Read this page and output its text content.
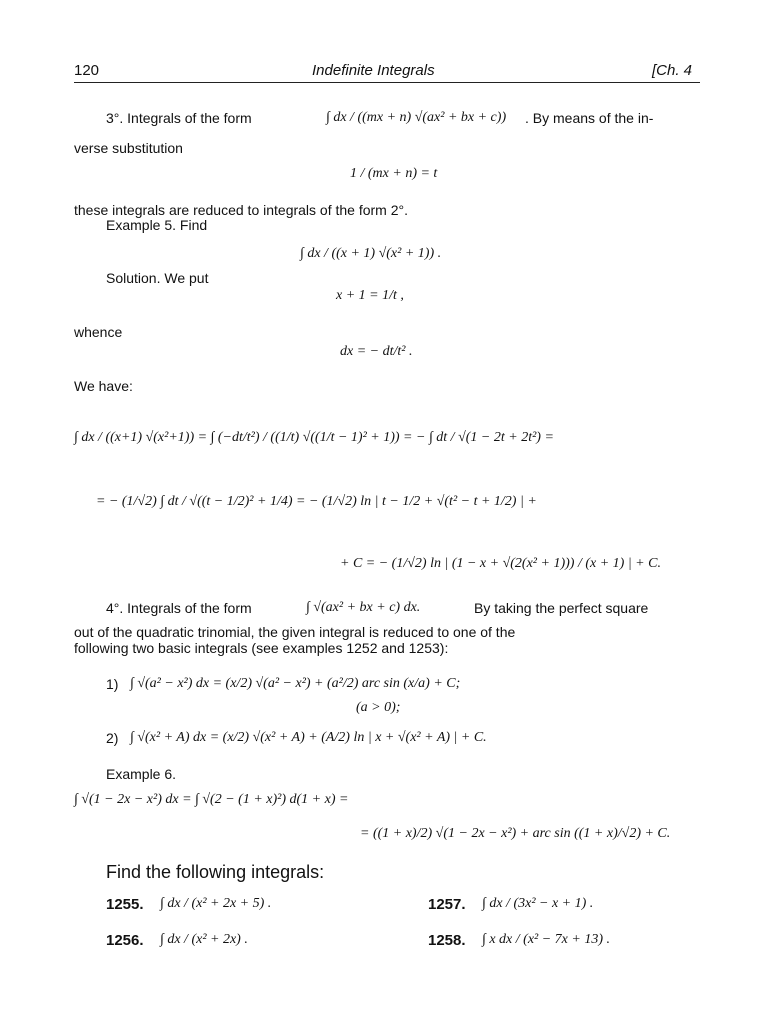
120	Indefinite Integrals	[Ch. 4
3°. Integrals of the form	∫ dx / ((mx + n) √(ax² + bx + c)) . By means of the in-
verse substitution
1 / (mx + n) = t
these integrals are reduced to integrals of the form 2°.
Example 5. Find
∫ dx / ((x + 1) √(x² + 1)) .
Solution. We put
x + 1 = 1/t ,
whence
dx = − dt/t² .
We have:
∫ dx / ((x+1) √(x²+1)) = ∫ (−dt/t²) / ((1/t) √((1/t − 1)² + 1)) = − ∫ dt / √(1 − 2t + 2t²) =
= − (1/√2) ∫ dt / √((t − 1/2)² + 1/4) = − (1/√2) ln | t − 1/2 + √(t² − t + 1/2) | +
+ C = − (1/√2) ln | (1 − x + √(2(x² + 1))) / (x + 1) | + C.
4°. Integrals of the form	∫ √(ax² + bx + c) dx.	By taking the perfect square
out of the quadratic trinomial, the given integral is reduced to one of the
following two basic integrals (see examples 1252 and 1253):
1) ∫ √(a² − x²) dx = (x/2) √(a² − x²) + (a²/2) arc sin (x/a) + C;
(a > 0);
2) ∫ √(x² + A) dx = (x/2) √(x² + A) + (A/2) ln | x + √(x² + A) | + C.
Example 6.
∫ √(1 − 2x − x²) dx = ∫ √(2 − (1 + x)²) d(1 + x) =
= ((1 + x)/2) √(1 − 2x − x²) + arc sin ((1 + x)/√2) + C.
Find the following integrals:
1255. ∫ dx / (x² + 2x + 5) .
1256. ∫ dx / (x² + 2x) .
1257. ∫ dx / (3x² − x + 1) .
1258. ∫ x dx / (x² − 7x + 13) .
